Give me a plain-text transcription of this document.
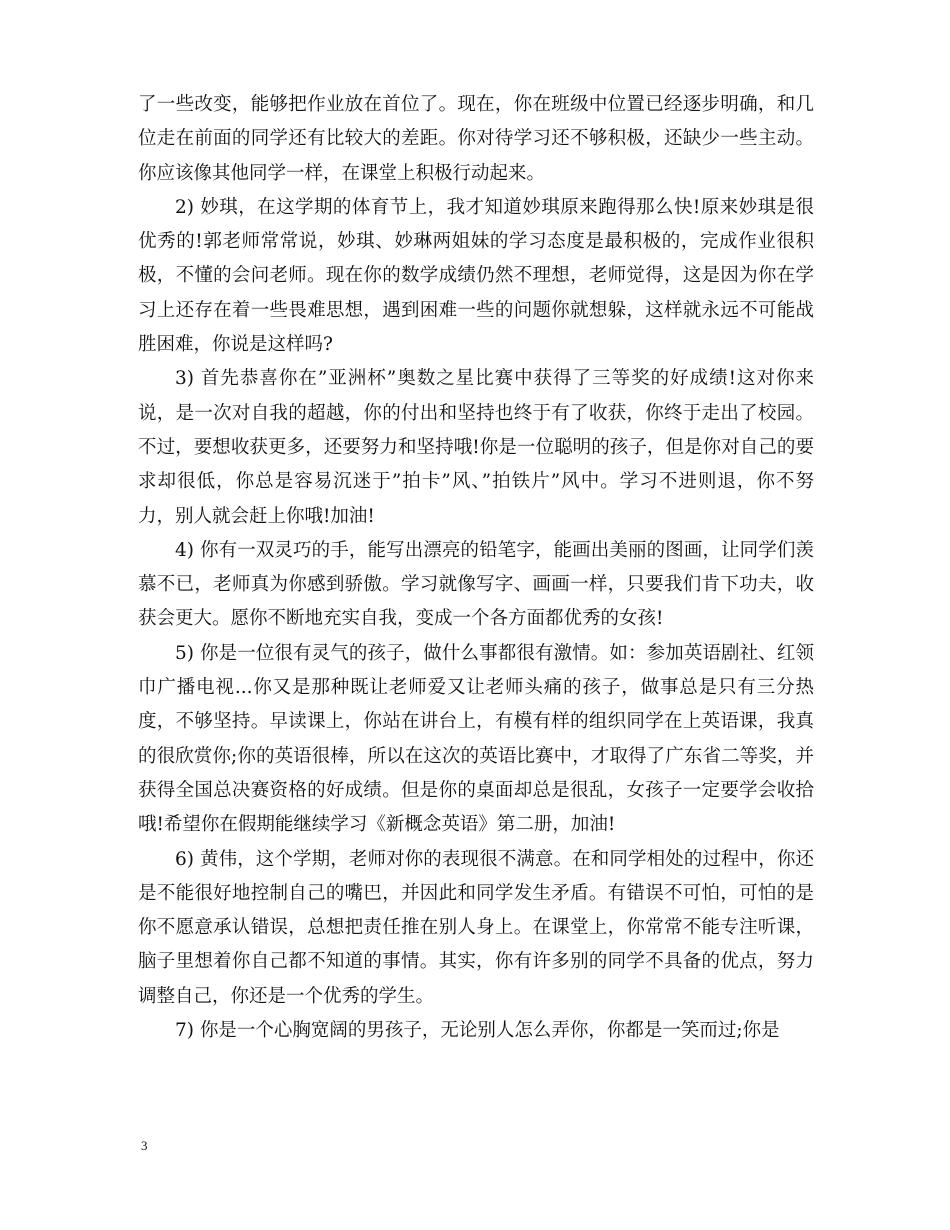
了一些改变，能够把作业放在首位了。现在，你在班级中位置已经逐步明确，和几位走在前面的同学还有比较大的差距。你对待学习还不够积极，还缺少一些主动。你应该像其他同学一样，在课堂上积极行动起来。

2) 妙琪，在这学期的体育节上，我才知道妙琪原来跑得那么快!原来妙琪是很优秀的!郭老师常常说，妙琪、妙琳两姐妹的学习态度是最积极的，完成作业很积极，不懂的会问老师。现在你的数学成绩仍然不理想，老师觉得，这是因为你在学习上还存在着一些畏难思想，遇到困难一些的问题你就想躲，这样就永远不可能战胜困难，你说是这样吗?

3) 首先恭喜你在”亚洲杯”奥数之星比赛中获得了三等奖的好成绩!这对你来说，是一次对自我的超越，你的付出和坚持也终于有了收获，你终于走出了校园。不过，要想收获更多，还要努力和坚持哦!你是一位聪明的孩子，但是你对自己的要求却很低，你总是容易沉迷于”拍卡”风、”拍铁片”风中。学习不进则退，你不努力，别人就会赶上你哦!加油!

4) 你有一双灵巧的手，能写出漂亮的铅笔字，能画出美丽的图画，让同学们羡慕不已，老师真为你感到骄傲。学习就像写字、画画一样，只要我们肯下功夫，收获会更大。愿你不断地充实自我，变成一个各方面都优秀的女孩!

5) 你是一位很有灵气的孩子，做什么事都很有激情。如：参加英语剧社、红领巾广播电视...你又是那种既让老师爱又让老师头痛的孩子，做事总是只有三分热度，不够坚持。早读课上，你站在讲台上，有模有样的组织同学在上英语课，我真的很欣赏你;你的英语很棒，所以在这次的英语比赛中，才取得了广东省二等奖，并获得全国总决赛资格的好成绩。但是你的桌面却总是很乱，女孩子一定要学会收拾哦!希望你在假期能继续学习《新概念英语》第二册，加油!

6) 黄伟，这个学期，老师对你的表现很不满意。在和同学相处的过程中，你还是不能很好地控制自己的嘴巴，并因此和同学发生矛盾。有错误不可怕，可怕的是你不愿意承认错误，总想把责任推在别人身上。在课堂上，你常常不能专注听课，脑子里想着你自己都不知道的事情。其实，你有许多别的同学不具备的优点，努力调整自己，你还是一个优秀的学生。

7) 你是一个心胸宽阔的男孩子，无论别人怎么弄你，你都是一笑而过;你是

3
